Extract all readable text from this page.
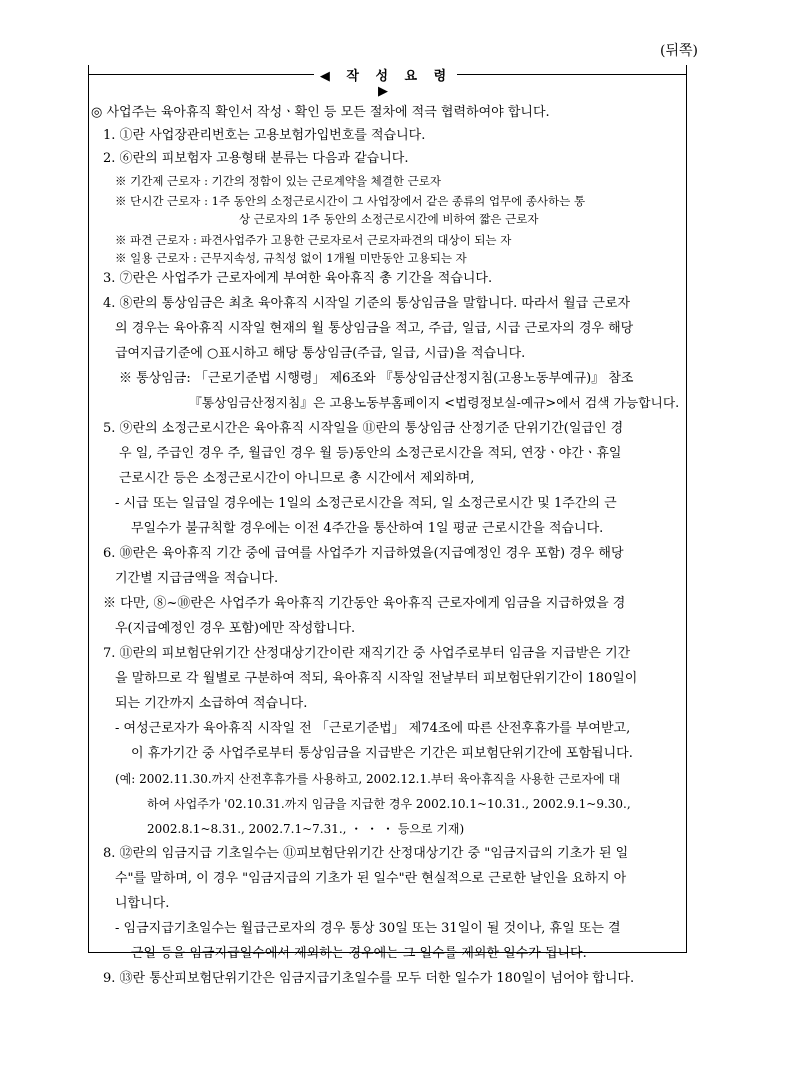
(뒤쪽)
◀ 작 성 요 령 ▶
◎ 사업주는 육아휴직 확인서 작성ㆍ확인 등 모든 절차에 적극 협력하여야 합니다.
1. ①란 사업장관리번호는 고용보험가입번호를 적습니다.
2. ⑥란의 피보험자 고용형태 분류는 다음과 같습니다.
※ 기간제 근로자 : 기간의 정함이 있는 근로계약을 체결한 근로자
※ 단시간 근로자 : 1주 동안의 소정근로시간이 그 사업장에서 같은 종류의 업무에 종사하는 통
상 근로자의 1주 동안의 소정근로시간에 비하여 짧은 근로자
※ 파견 근로자 : 파견사업주가 고용한 근로자로서 근로자파견의 대상이 되는 자
※ 일용 근로자 : 근무지속성, 규칙성 없이 1개월 미만동안 고용되는 자
3. ⑦란은 사업주가 근로자에게 부여한 육아휴직 총 기간을 적습니다.
4. ⑧란의 통상임금은 최초 육아휴직 시작일 기준의 통상임금을 말합니다. 따라서 월급 근로자
의 경우는 육아휴직 시작일 현재의 월 통상임금을 적고, 주급, 일급, 시급 근로자의 경우 해당
급여지급기준에 ○표시하고 해당 통상임금(주급, 일급, 시급)을 적습니다.
※ 통상임금: 「근로기준법 시행령」 제6조와 『통상임금산정지침(고용노동부예규)』 참조
『통상임금산정지침』은 고용노동부홈페이지 <법령정보실-예규>에서 검색 가능합니다.
5. ⑨란의 소정근로시간은 육아휴직 시작일을 ⑪란의 통상임금 산정기준 단위기간(일급인 경
우 일, 주급인 경우 주, 월급인 경우 월 등)동안의 소정근로시간을 적되, 연장ㆍ야간ㆍ휴일
근로시간 등은 소정근로시간이 아니므로 총 시간에서 제외하며,
- 시급 또는 일급일 경우에는 1일의 소정근로시간을 적되, 일 소정근로시간 및 1주간의 근
무일수가 불규칙할 경우에는 이전 4주간을 통산하여 1일 평균 근로시간을 적습니다.
6. ⑩란은 육아휴직 기간 중에 급여를 사업주가 지급하였을(지급예정인 경우 포함) 경우 해당
기간별 지급금액을 적습니다.
※ 다만, ⑧~⑩란은 사업주가 육아휴직 기간동안 육아휴직 근로자에게 임금을 지급하였을 경
우(지급예정인 경우 포함)에만 작성합니다.
7. ⑪란의 피보험단위기간 산정대상기간이란 재직기간 중 사업주로부터 임금을 지급받은 기간
을 말하므로 각 월별로 구분하여 적되, 육아휴직 시작일 전날부터 피보험단위기간이 180일이
되는 기간까지 소급하여 적습니다.
- 여성근로자가 육아휴직 시작일 전 「근로기준법」 제74조에 따른 산전후휴가를 부여받고,
이 휴가기간 중 사업주로부터 통상임금을 지급받은 기간은 피보험단위기간에 포함됩니다.
(예: 2002.11.30.까지 산전후휴가를 사용하고, 2002.12.1.부터 육아휴직을 사용한 근로자에 대
하여 사업주가 '02.10.31.까지 임금을 지급한 경우 2002.10.1~10.31., 2002.9.1~9.30.,
2002.8.1~8.31., 2002.7.1~7.31., ・ ・ ・ 등으로 기재)
8. ⑫란의 임금지급 기초일수는 ⑪피보험단위기간 산정대상기간 중 "임금지급의 기초가 된 일
수"를 말하며, 이 경우 "임금지급의 기초가 된 일수"란 현실적으로 근로한 날인을 요하지 아
니합니다.
- 임금지급기초일수는 월급근로자의 경우 통상 30일 또는 31일이 될 것이나, 휴일 또는 결
근일 등을 임금지급일수에서 제외하는 경우에는 그 일수를 제외한 일수가 됩니다.
9. ⑬란 통산피보험단위기간은 임금지급기초일수를 모두 더한 일수가 180일이 넘어야 합니다.
